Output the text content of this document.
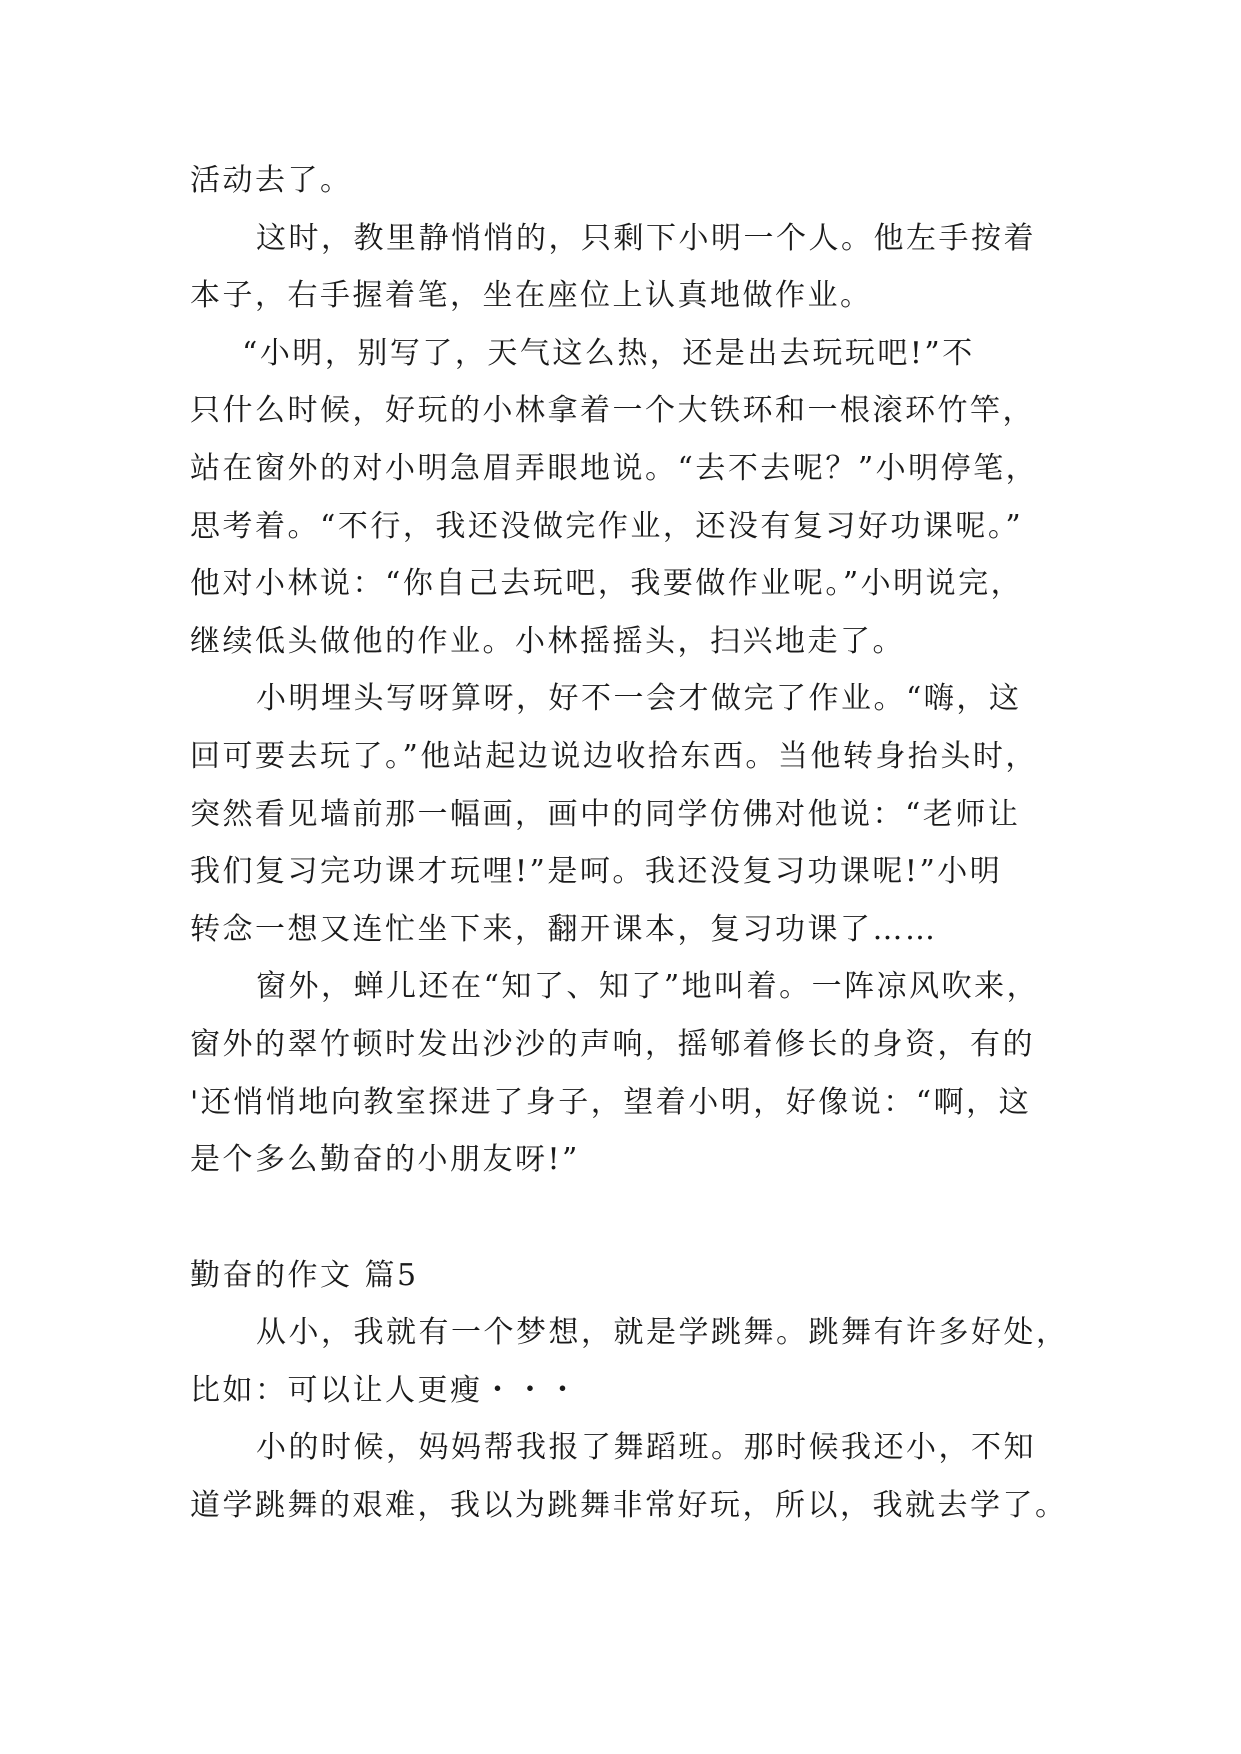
活动去了。
这时，教里静悄悄的，只剩下小明一个人。他左手按着
本子，右手握着笔，坐在座位上认真地做作业。
“小明，别写了，天气这么热，还是出去玩玩吧!”不
只什么时候，好玩的小林拿着一个大铁环和一根滚环竹竿，
站在窗外的对小明急眉弄眼地说。“去不去呢？”小明停笔，
思考着。“不行，我还没做完作业，还没有复习好功课呢。”
他对小林说：“你自己去玩吧，我要做作业呢。”小明说完，
继续低头做他的作业。小林摇摇头，扫兴地走了。
小明埋头写呀算呀，好不一会才做完了作业。“嗨，这
回可要去玩了。”他站起边说边收拾东西。当他转身抬头时，
突然看见墙前那一幅画，画中的同学仿佛对他说：“老师让
我们复习完功课才玩哩!”是呵。我还没复习功课呢!”小明
转念一想又连忙坐下来，翻开课本，复习功课了……
窗外，蝉儿还在“知了、知了”地叫着。一阵凉风吹来，
窗外的翠竹顿时发出沙沙的声响，摇郇着修长的身资，有的
'还悄悄地向教室探进了身子，望着小明，好像说：“啊，这
是个多么勤奋的小朋友呀!”
勤奋的作文 篇5
从小，我就有一个梦想，就是学跳舞。跳舞有许多好处，
比如：可以让人更瘦・・・
小的时候，妈妈帮我报了舞蹈班。那时候我还小，不知
道学跳舞的艰难，我以为跳舞非常好玩，所以，我就去学了。
